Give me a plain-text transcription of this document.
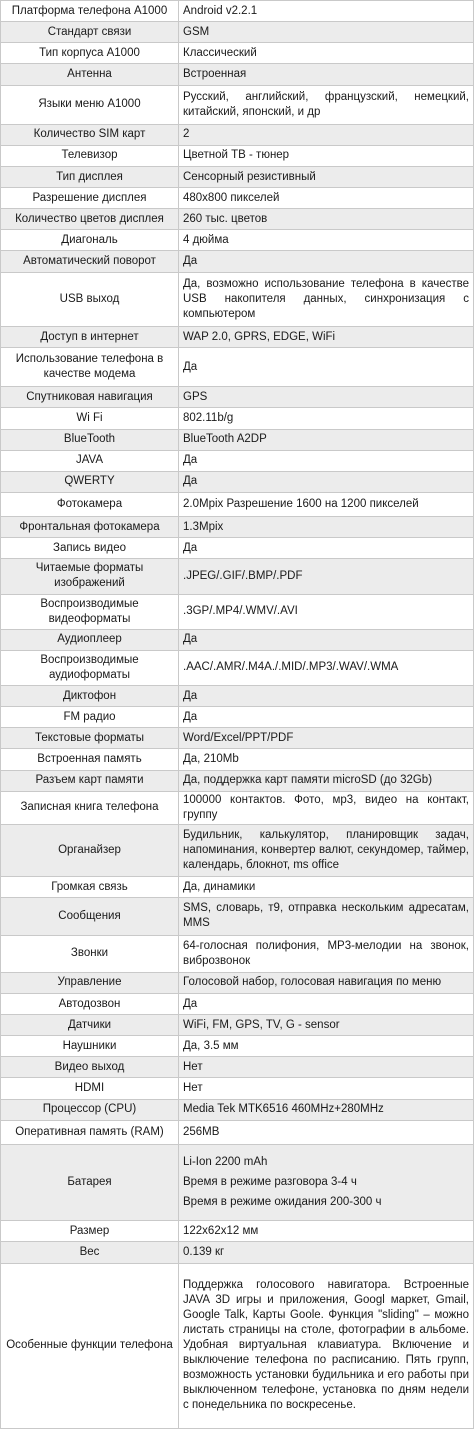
Платформа телефона A1000	Android v2.2.1

Стандарт связи	GSM

Тип корпуса A1000	Классический

Антенна	Встроенная

Языки меню A1000	Русский, английский, французский, немецкий, китайский, японский, и др

Количество SIM карт	2

Телевизор	Цветной ТВ - тюнер

Тип дисплея	Сенсорный резистивный

Разрешение дисплея	480x800 пикселей

Количество цветов дисплея	260 тыс. цветов

Диагональ	4 дюйма

Автоматический поворот	Да

USB выход	Да, возможно использование телефона в качестве USB накопителя данных, синхронизация с компьютером

Доступ в интернет	WAP 2.0, GPRS, EDGE, WiFi

Использование телефона в качестве модема	Да

Спутниковая навигация	GPS

Wi Fi	802.11b/g

BlueTooth	BlueTooth A2DP

JAVA	Да

QWERTY	Да

Фотокамера	2.0Mpix Разрешение 1600 на 1200 пикселей

Фронтальная фотокамера	1.3Mpix

Запись видео	Да

Читаемые форматы изображений	.JPEG/.GIF/.BMP/.PDF

Воспроизводимые видеоформаты	.3GP/.MP4/.WMV/.AVI

Аудиоплеер	Да

Воспроизводимые аудиоформаты	.AAC/.AMR/.M4A./.MID/.MP3/.WAV/.WMA

Диктофон	Да

FM радио	Да

Текстовые форматы	Word/Excel/PPT/PDF

Встроенная память	Да, 210Mb

Разъем карт памяти	Да, поддержка карт памяти microSD (до 32Gb)

Записная книга телефона	100000 контактов. Фото, мр3, видео на контакт, группу

Органайзер	Будильник, калькулятор, планировщик задач, напоминания, конвертер валют, секундомер, таймер, календарь, блокнот, ms office

Громкая связь	Да, динамики

Сообщения	SMS, словарь, т9, отправка нескольким адресатам, MMS

Звонки	64-голосная полифония, MP3-мелодии на звонок, виброзвонок

Управление	Голосовой набор, голосовая навигация по меню

Автодозвон	Да

Датчики	WiFi, FM, GPS, TV, G - sensor

Наушники	Да, 3.5 мм

Видео выход	Нет

HDMI	Нет

Процессор (CPU)	Media Tek MTK6516 460MHz+280MHz

Оперативная память (RAM)	256MB

Батарея	Li-Ion 2200 mAh
Время в режиме разговора 3-4 ч
Время в режиме ожидания 200-300 ч

Размер	122x62x12 мм

Вес	0.139 кг

Особенные функции телефона	Поддержка голосового навигатора. Встроенные JAVA 3D игры и приложения, Googl маркет, Gmail, Google Talk, Карты Goole. Функция "sliding" – можно листать страницы на столе, фотографии в альбоме. Удобная виртуальная клавиатура. Включение и выключение телефона по расписанию. Пять групп, возможность установки будильника и его работы при выключенном телефоне, установка по дням недели с понедельника по воскресенье.
